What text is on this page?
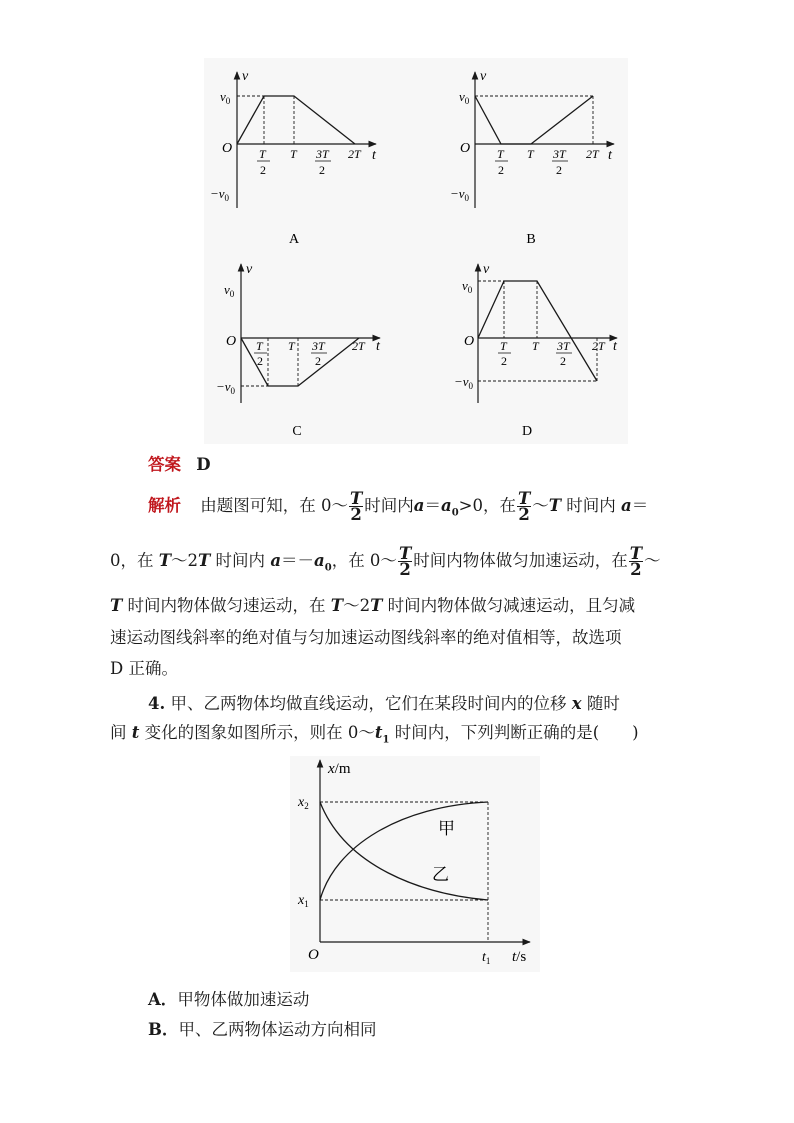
v
t
O
$v_0$
$-v_0$
T
2
T 3T
2
2T
A
v
t
O
$v_0$
$-v_0$
T
2
T 3T
2
2T
B
v
t
O
$v_0$
$-v_0$
T
2
T 3T
2
2T
C
v
t
O
$v_0$
$-v_0$
T
2
T 3T
2
2T
D
答案 D
解析 由题图可知，在 0～ $\frac{T}{2}$ 时间内$a=a_0>0$，在 $\frac{T}{2}$ ～T 时间内 a＝
0，在 T～2T 时间内 $a=-a_0$，在 0～ $\frac{T}{2}$ 时间内物体做匀加速运动，在 $\frac{T}{2}$ ～
T 时间内物体做匀速运动，在 T～2T 时间内物体做匀减速运动，且匀减
速运动图线斜率的绝对值与匀加速运动图线斜率的绝对值相等，故选项
D 正确。
4. 甲、乙两物体均做直线运动，它们在某段时间内的位移 x 随时
间 t 变化的图象如图所示，则在 $0\sim t_1$ 时间内，下列判断正确的是(　　)
x/m
$x_2$
$x_1$
O	$t_1$ t/s
甲
乙
A．甲物体做加速运动
B．甲、乙两物体运动方向相同
